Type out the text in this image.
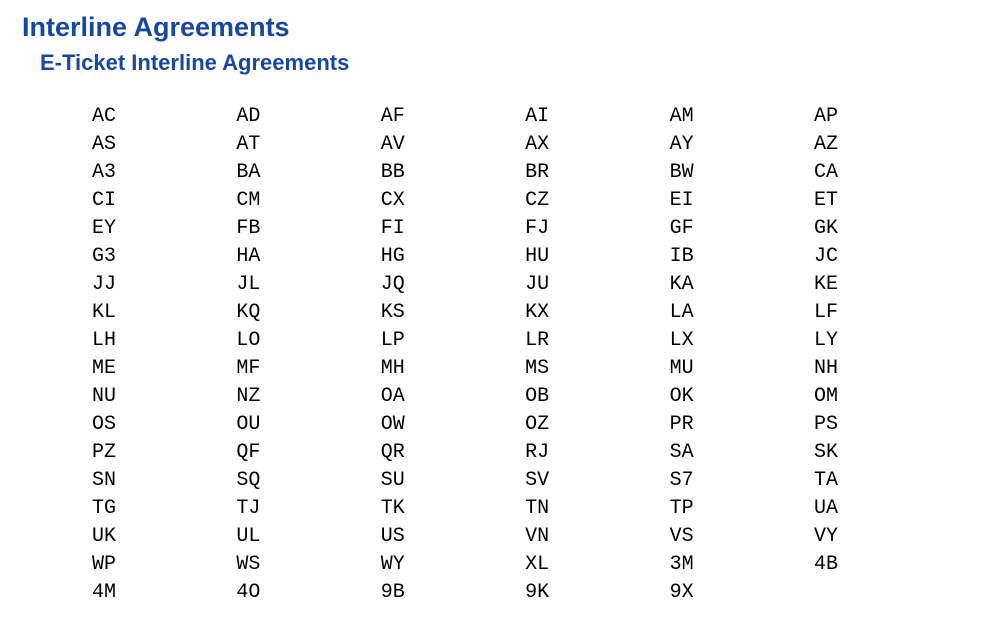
Interline Agreements
E-Ticket Interline Agreements
AC	AD	AF	AI	AM	AP
AS	AT	AV	AX	AY	AZ
A3	BA	BB	BR	BW	CA
CI	CM	CX	CZ	EI	ET
EY	FB	FI	FJ	GF	GK
G3	HA	HG	HU	IB	JC
JJ	JL	JQ	JU	KA	KE
KL	KQ	KS	KX	LA	LF
LH	LO	LP	LR	LX	LY
ME	MF	MH	MS	MU	NH
NU	NZ	OA	OB	OK	OM
OS	OU	OW	OZ	PR	PS
PZ	QF	QR	RJ	SA	SK
SN	SQ	SU	SV	S7	TA
TG	TJ	TK	TN	TP	UA
UK	UL	US	VN	VS	VY
WP	WS	WY	XL	3M	4B
4M	4O	9B	9K	9X
